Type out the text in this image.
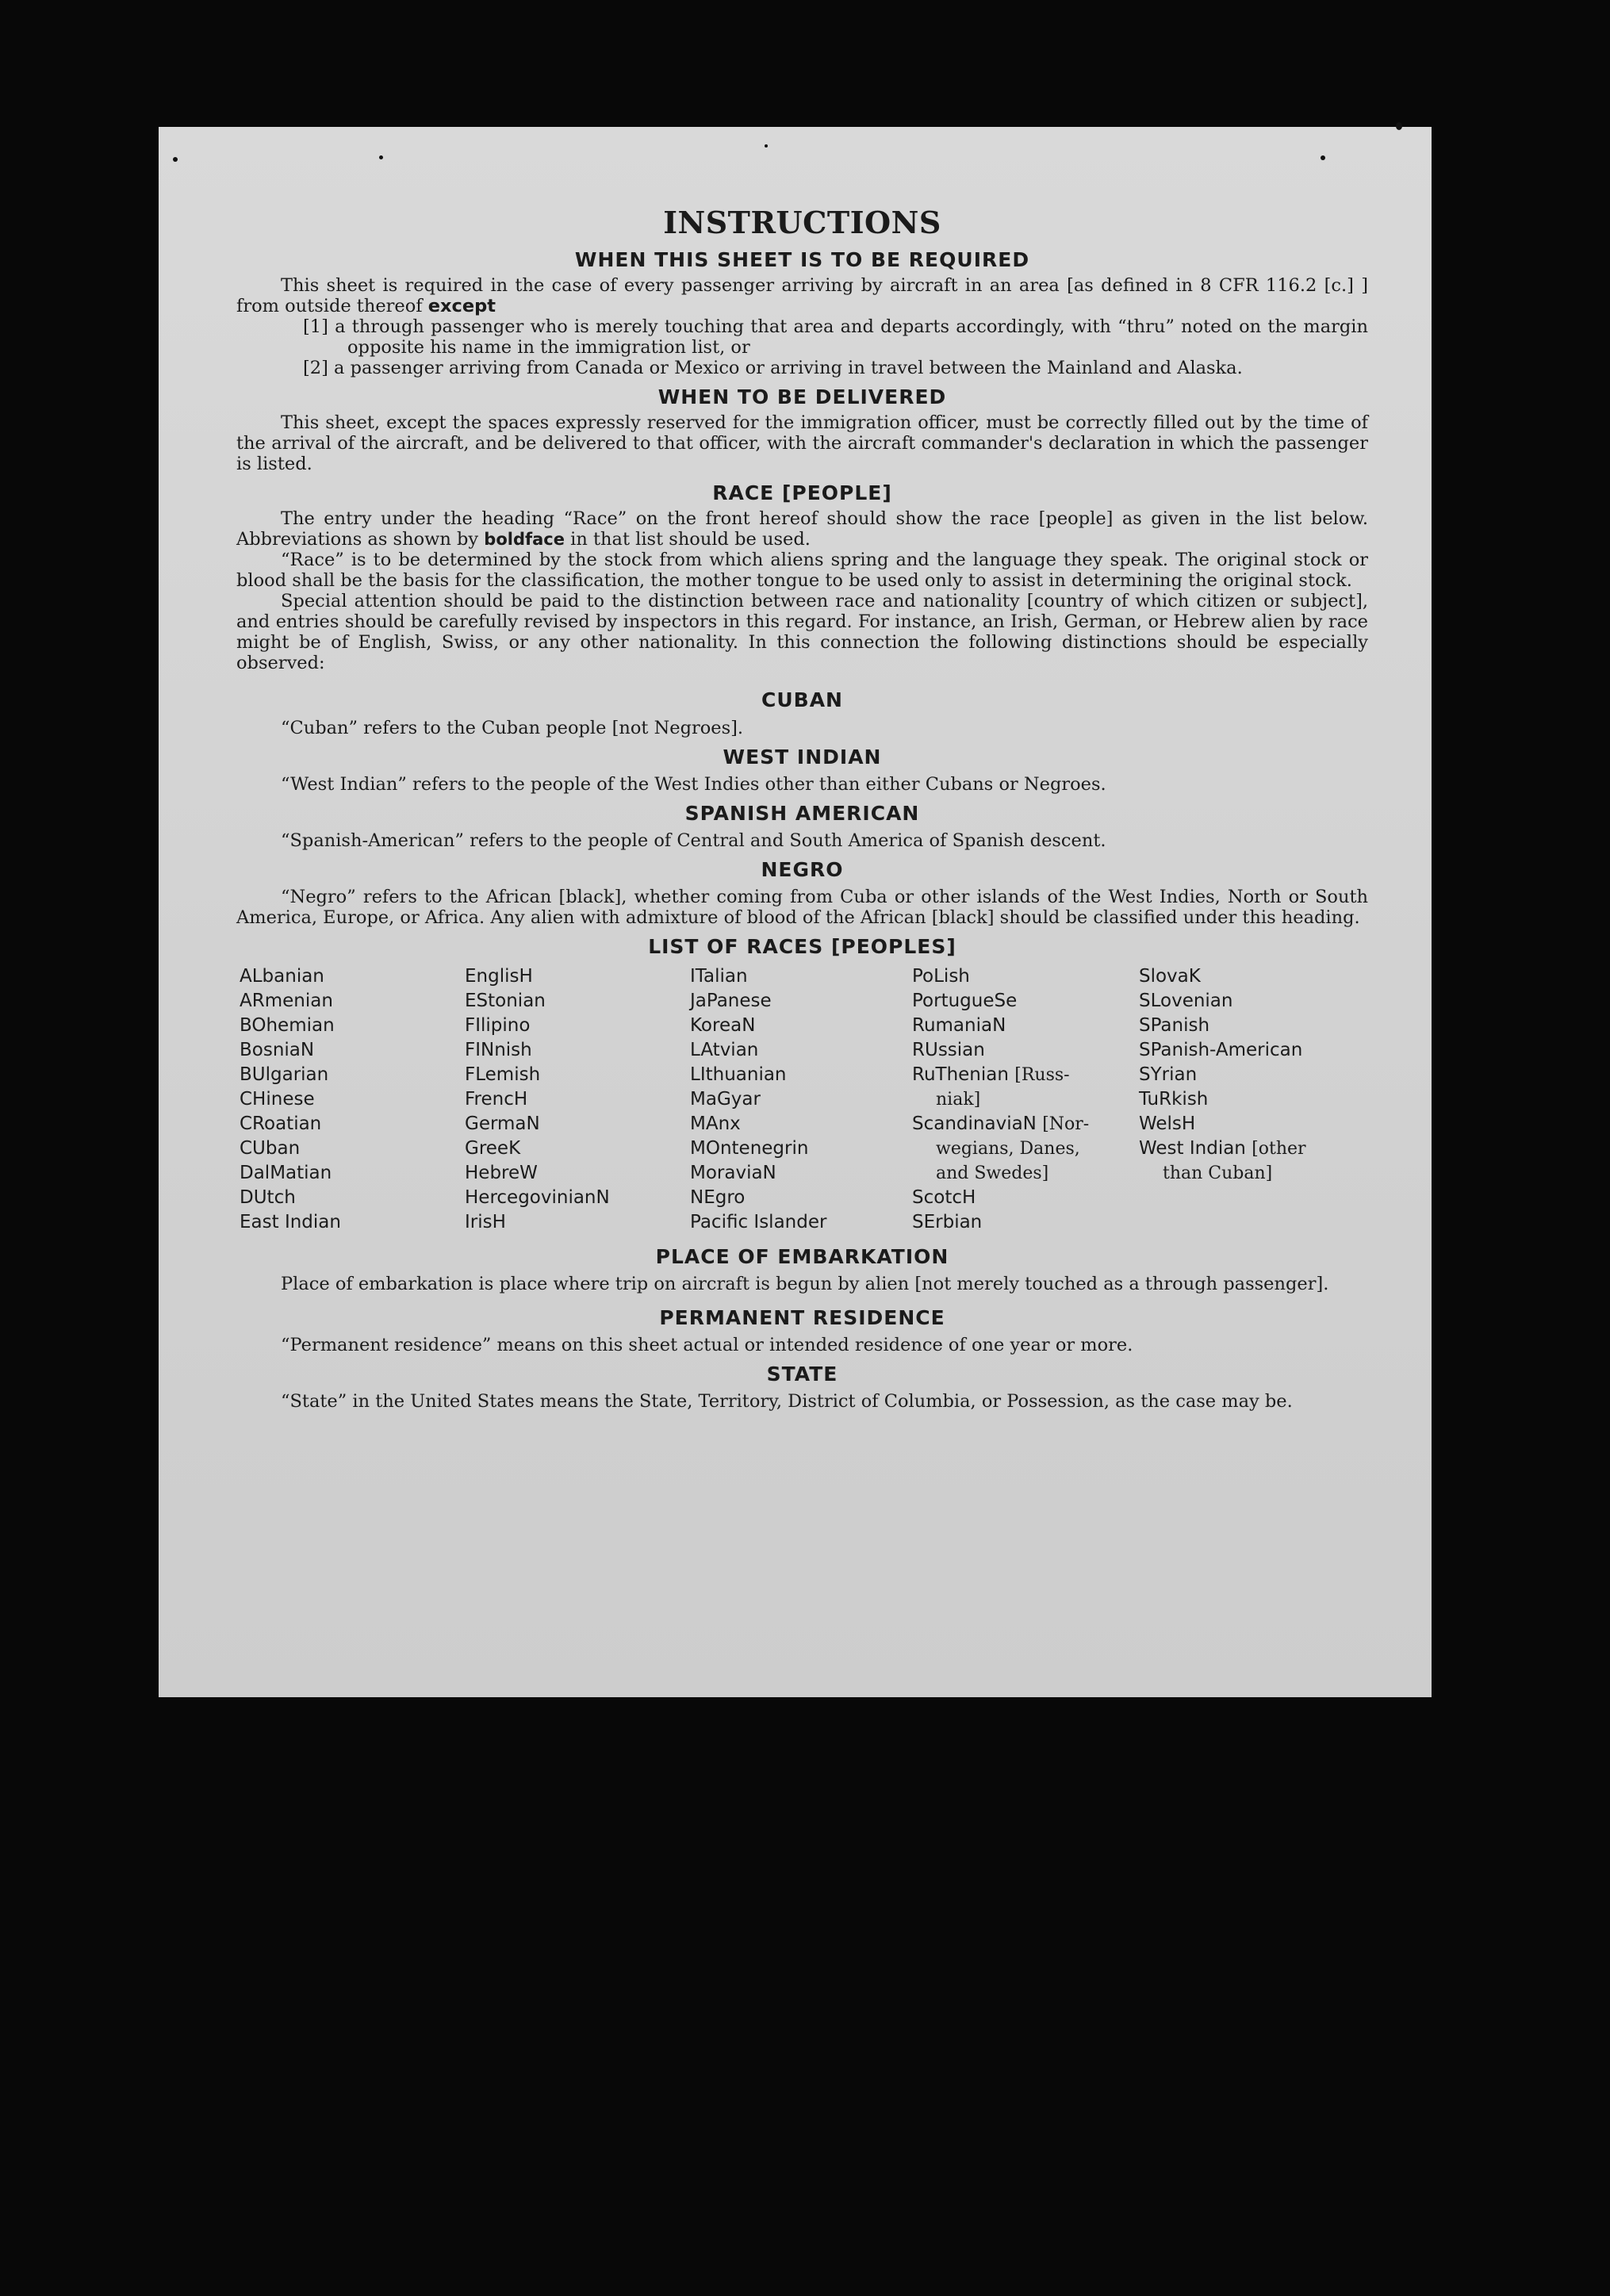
INSTRUCTIONS
WHEN THIS SHEET IS TO BE REQUIRED

This sheet is required in the case of every passenger arriving by aircraft in an area [as defined in 8 CFR 116.2 [c.] ] from outside thereof except

[1] a through passenger who is merely touching that area and departs accordingly, with “thru” noted on the margin opposite his name in the immigration list, or

[2] a passenger arriving from Canada or Mexico or arriving in travel between the Mainland and Alaska.

WHEN TO BE DELIVERED

This sheet, except the spaces expressly reserved for the immigration officer, must be correctly filled out by the time of the arrival of the aircraft, and be delivered to that officer, with the aircraft commander's declaration in which the passenger is listed.

RACE [PEOPLE]

The entry under the heading “Race” on the front hereof should show the race [people] as given in the list below. Abbreviations as shown by boldface in that list should be used.

“Race” is to be determined by the stock from which aliens spring and the language they speak. The original stock or blood shall be the basis for the classification, the mother tongue to be used only to assist in determining the original stock.

Special attention should be paid to the distinction between race and nationality [country of which citizen or subject], and entries should be carefully revised by inspectors in this regard. For instance, an Irish, German, or Hebrew alien by race might be of English, Swiss, or any other nationality. In this connection the following distinctions should be especially observed:

CUBAN

“Cuban” refers to the Cuban people [not Negroes].

WEST INDIAN

“West Indian” refers to the people of the West Indies other than either Cubans or Negroes.

SPANISH AMERICAN

“Spanish-American” refers to the people of Central and South America of Spanish descent.

NEGRO

“Negro” refers to the African [black], whether coming from Cuba or other islands of the West Indies, North or South America, Europe, or Africa. Any alien with admixture of blood of the African [black] should be classified under this heading.

LIST OF RACES [PEOPLES]
ALbanian
ARmenian
BOhemian
BosniaN
BUlgarian
CHinese
CRoatian
CUban
DalMatian
DUtch
East Indian
EnglisH
EStonian
FIlipino
FINnish
FLemish
FrencH
GermaN
GreeK
HebreW
HercegovinianN
IrisH
ITalian
JaPanese
KoreaN
LAtvian
LIthuanian
MaGyar
MAnx
MOntenegrin
MoraviaN
NEgro
Pacific Islander
PoLish
PortugueSe
RumaniaN
RUssian
RuThenian [Russ-
niak]
ScandinaviaN [Nor-
wegians, Danes,
and Swedes]
ScotcH
SErbian
SlovaK
SLovenian
SPanish
SPanish-American
SYrian
TuRkish
WelsH
West Indian [other
than Cuban]
PLACE OF EMBARKATION

Place of embarkation is place where trip on aircraft is begun by alien [not merely touched as a through passenger].

PERMANENT RESIDENCE

“Permanent residence” means on this sheet actual or intended residence of one year or more.

STATE

“State” in the United States means the State, Territory, District of Columbia, or Possession, as the case may be.
